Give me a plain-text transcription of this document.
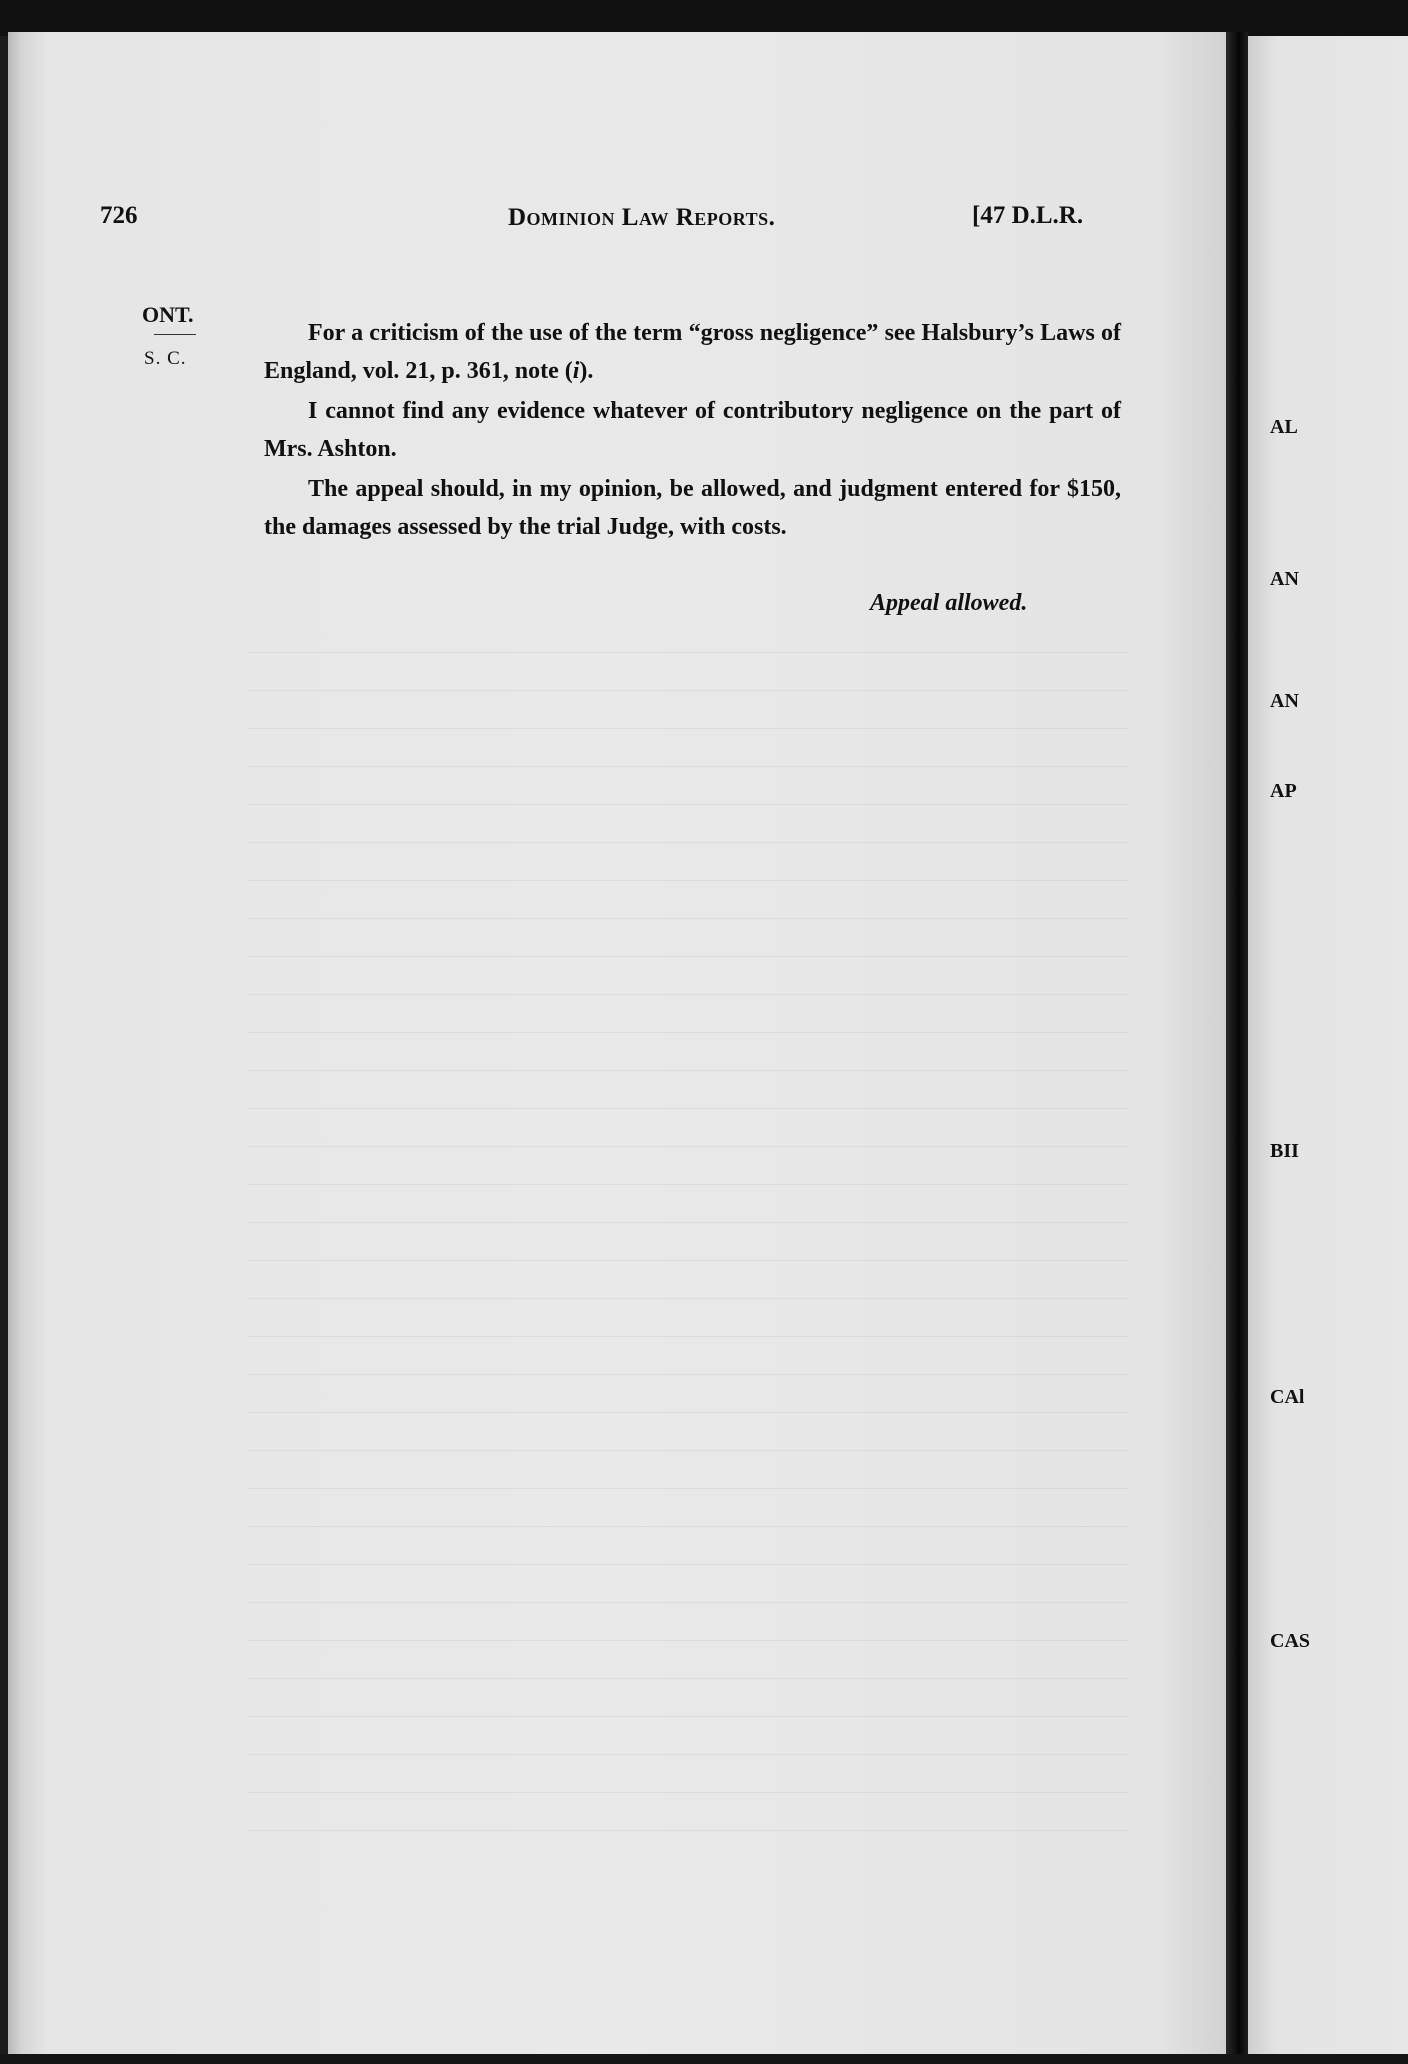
726	Dominion Law Reports.	[47 D.L.R.
ONT.
S. C.

For a criticism of the use of the term “gross negligence” see Halsbury’s Laws of England, vol. 21, p. 361, note (i).

I cannot find any evidence whatever of contributory negligence on the part of Mrs. Ashton.

The appeal should, in my opinion, be allowed, and judgment entered for $150, the damages assessed by the trial Judge, with costs.

Appeal allowed.
AL
AN
AN
AP
BII
CAl
CAS
